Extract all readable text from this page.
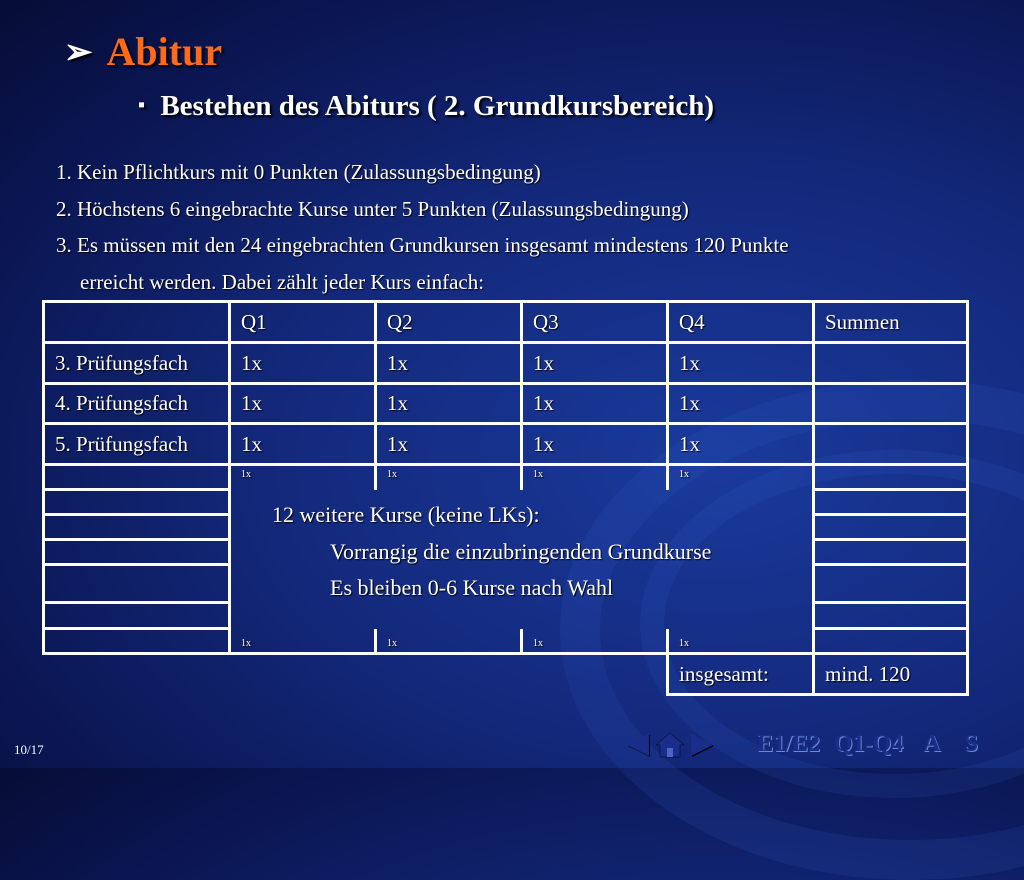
➢ Abitur
▪ Bestehen des Abiturs ( 2. Grundkursbereich)
1. Kein Pflichtkurs mit 0 Punkten (Zulassungsbedingung)
2. Höchstens 6 eingebrachte Kurse unter 5 Punkten (Zulassungsbedingung)
3. Es müssen mit den 24 eingebrachten Grundkursen insgesamt mindestens 120 Punkte
erreicht werden. Dabei zählt jeder Kurs einfach:
	Q1	Q2	Q3	Q4	Summen
3. Prüfungsfach	1x	1x	1x	1x	
4. Prüfungsfach	1x	1x	1x	1x	
5. Prüfungsfach	1x	1x	1x	1x	
	1x	1x	1x	1x	

	1x	1x	1x	1x	
				insgesamt:	mind. 120
12 weitere Kurse (keine LKs):
Vorrangig die einzubringenden Grundkurse
Es bleiben 0-6 Kurse nach Wahl
10/17	E1/E2 Q1-Q4 A S
